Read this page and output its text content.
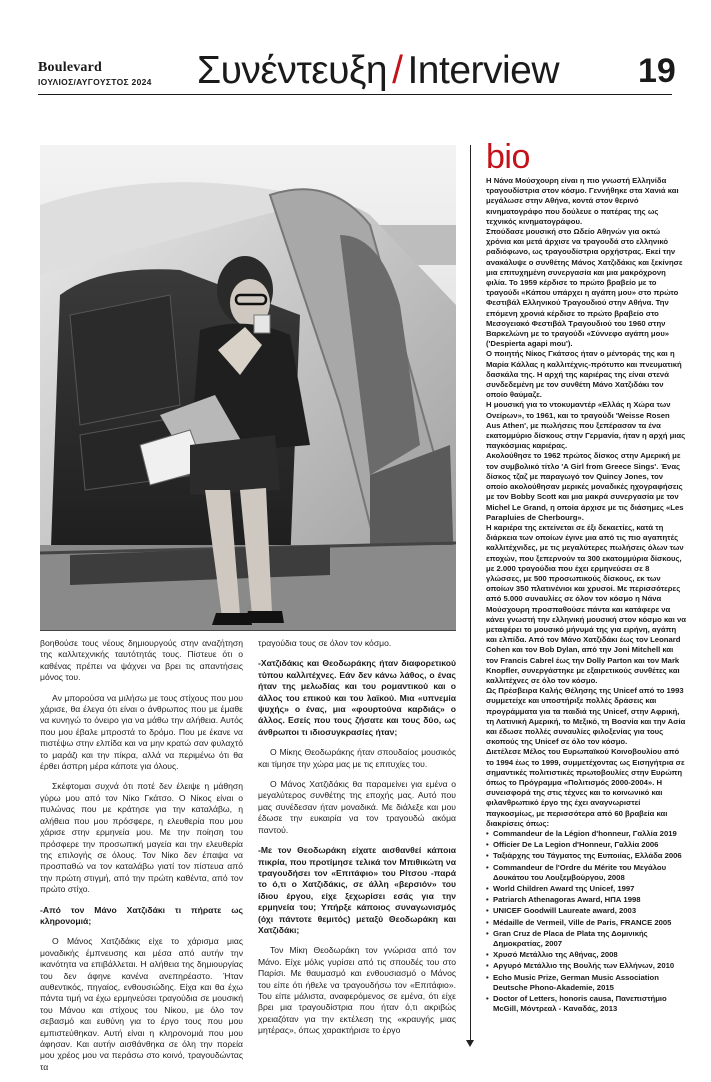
Boulevard
ΙΟΥΛΙΟΣ/ΑΥΓΟΥΣΤΟΣ 2024 Συνέντευξη / Interview 19

βοηθούσε τους νέους δημιουργούς στην αναζήτηση της καλλιτεχνικής ταυτότητάς τους. Πίστευε ότι ο καθένας πρέπει να ψάχνει να βρει τις απαντήσεις μόνος του.

Αν μπορούσα να μιλήσω με τους στίχους που μου χάρισε, θα έλεγα ότι είναι ο άνθρωπος που με έμαθε να κυνηγώ το όνειρο για να μάθω την αλήθεια. Αυτός που μου έβαλε μπροστά το δρόμο. Που με έκανε να πιστέψω στην ελπίδα και να μην κρατώ σαν φυλαχτό το μαράζι και την πίκρα, αλλά να περιμένω ότι θα έρθει άσπρη μέρα κάποτε για όλους.

Σκέφτομαι συχνά ότι ποτέ δεν έλειψε η μάθηση γύρω μου από τον Νίκο Γκάτσο. Ο Νίκος είναι ο πυλώνας που με κράτησε για την καταλάβω, η αλήθεια που μου πρόσφερε, η ελευθερία που μου χάρισε στην ερμηνεία μου. Με την ποίηση του πρόσφερε την προσωπική μαγεία και την ελευθερία της επιλογής σε όλους. Τον Νίκο δεν έπαψα να προσπαθώ να τον καταλάβω γιατί τον πίστευα από την πρώτη στιγμή, από την πρώτη καθέντα, από τον πρώτο στίχο.

-Από τον Μάνο Χατζιδάκι τι πήρατε ως κληρονομιά;

Ο Μάνος Χατζιδάκις είχε το χάρισμα μιας μοναδικής έμπνευσης και μέσα από αυτήν την ικανότητα να επιβάλλεται. Η αλήθεια της δημιουργίας του δεν άφηνε κανένα ανεπηρέαστο. Ήταν αυθεντικός, πηγαίος, ενθουσιώδης. Είχα και θα έχω πάντα τιμή να έχω ερμηνεύσει τραγούδια σε μουσική του Μάνου και στίχους του Νίκου, με όλο τον σεβασμό και ευθύνη για το έργο τους που μου εμπιστεύθηκαν. Αυτή είναι η κληρονομιά που μου άφησαν. Και αυτήν αισθάνθηκα σε όλη την πορεία μου χρέος μου να περάσω στο κοινό, τραγουδώντας τα

τραγούδια τους σε όλον τον κόσμο.

-Χατζιδάκις και Θεοδωράκης ήταν διαφορετικού τύπου καλλιτέχνες. Εάν δεν κάνω λάθος, ο ένας ήταν της μελωδίας και του ρομαντικού και ο άλλος του επικού και του λαϊκού. Μια «υπνεμία ψυχής» ο ένας, μια «φουρτούνα καρδιάς» ο άλλος. Εσείς που τους ζήσατε και τους δύο, ως άνθρωποι τι ιδιοσυγκρασίες ήταν;

Ο Μίκης Θεοδωράκης ήταν σπουδαίος μουσικός και τίμησε την χώρα μας με τις επιτυχίες του.

Ο Μάνος Χατζιδάκις θα παραμείνει για εμένα ο μεγαλύτερος συνθέτης της εποχής μας. Αυτό που μας συνέδεσαν ήταν μοναδικά. Με διάλεξε και μου έδωσε την ευκαιρία να τον τραγουδώ ακόμα παντού.

-Με τον Θεοδωράκη είχατε αισθανθεί κάποια πικρία, που προτίμησε τελικά τον Μπιθικώτη να τραγουδήσει τον «Επιτάφιο» του Ρίτσου -παρά το ό,τι ο Χατζιδάκις, σε άλλη «βερσιόν» του ίδιου έργου, είχε ξεχωρίσει εσάς για την ερμηνεία του; Υπήρξε κάποιος συναγωνισμός (όχι πάντοτε θεμιτός) μεταξύ Θεοδωράκη και Χατζιδάκι;

Τον Μίκη Θεοδωράκη τον γνώρισα από τον Μάνο. Είχε μόλις γυρίσει από τις σπουδές του στο Παρίσι. Με θαυμασμό και ενθουσιασμό ο Μάνος του είπε ότι ήθελε να τραγουδήσω τον «Επιτάφιο». Του είπε μάλιστα, αναφερόμενος σε εμένα, ότι είχε βρει μια τραγουδίστρια που ήταν ό,τι ακριβώς χρειαζόταν για την εκτέλεση της «κραυγής μιας μητέρας», όπως χαρακτήρισε το έργο

bio

Η Νάνα Μούσχουρη είναι η πιο γνωστή Ελληνίδα τραγουδίστρια στον κόσμο. Γεννήθηκε στα Χανιά και μεγάλωσε στην Αθήνα, κοντά στον θερινό κινηματογράφο που δούλευε ο πατέρας της ως τεχνικός κινηματογράφου.

Σπούδασε μουσική στο Ωδείο Αθηνών για οκτώ χρόνια και μετά άρχισε να τραγουδά στο ελληνικό ραδιόφωνο, ως τραγουδίστρια ορχήστρας. Εκεί την ανακάλυψε ο συνθέτης Μάνος Χατζιδάκις και ξεκίνησε μια επιτυχημένη συνεργασία και μια μακρόχρονη φιλία. Το 1959 κέρδισε το πρώτο βραβείο με το τραγούδι «Κάπου υπάρχει η αγάπη μου» στο πρώτο Φεστιβάλ Ελληνικού Τραγουδιού στην Αθήνα. Την επόμενη χρονιά κέρδισε το πρώτο βραβείο στο Μεσογειακό Φεστιβάλ Τραγουδιού του 1960 στην Βαρκελώνη με το τραγούδι «Σύννεφο αγάπη μου» ('Despierta agapi mou').

Ο ποιητής Νίκος Γκάτσος ήταν ο μέντοράς της και η Μαρία Κάλλας η καλλιτέχνις-πρότυπο και πνευματική δασκάλα της. Η αρχή της καριέρας της είναι στενά συνδεδεμένη με τον συνθέτη Μάνο Χατζιδάκι τον οποίο θαύμαζε.

Η μουσική για το ντοκυμαντέρ «Ελλάς η Χώρα των Ονείρων», το 1961, και το τραγούδι 'Weisse Rosen Aus Athen', με πωλήσεις που ξεπέρασαν τα ένα εκατομμύριο δίσκους στην Γερμανία, ήταν η αρχή μιας παγκόσμιας καριέρας.

Ακολούθησε το 1962 πρώτος δίσκος στην Αμερική με τον συμβολικό τίτλο 'A Girl from Greece Sings'. Ένας δίσκος τζαζ με παραγωγό τον Quincy Jones, τον οποίο ακολούθησαν μερικές μοναδικές ηχογραφήσεις με τον Bobby Scott και μια μακρά συνεργασία με τον Michel Le Grand, η οποία άρχισε με τις διάσημες «Les Parapluies de Cherbourg».

Η καριέρα της εκτείνεται σε έξι δεκαετίες, κατά τη διάρκεια των οποίων έγινε μια από τις πιο αγαπητές καλλιτέχνιδες, με τις μεγαλύτερες πωλήσεις όλων των εποχών, που ξεπερνούν τα 300 εκατομμύρια δίσκους, με 2.000 τραγούδια που έχει ερμηνεύσει σε 8 γλώσσες, με 500 προσωπικούς δίσκους, εκ των οποίων 350 πλατινένιοι και χρυσοί. Με περισσότερες από 5.000 συναυλίες σε όλον τον κόσμο η Νάνα Μούσχουρη προσπαθούσε πάντα και κατάφερε να κάνει γνωστή την ελληνική μουσική στον κόσμο και να μεταφέρει το μουσικό μήνυμά της για ειρήνη, αγάπη και ελπίδα. Από τον Μάνο Χατζιδάκι έως τον Leonard Cohen και τον Bob Dylan, από την Joni Mitchell και τον Francis Cabrel έως την Dolly Parton και τον Mark Knopfler, συνεργάστηκε με εξαιρετικούς συνθέτες και καλλιτέχνες σε όλο τον κόσμο.

Ως Πρέσβειρα Καλής Θέλησης της Unicef από το 1993 συμμετείχε και υποστήριξε πολλές δράσεις και προγράμματα για τα παιδιά της Unicef, στην Αφρική, τη Λατινική Αμερική, το Μεξικό, τη Βοσνία και την Ασία και έδωσε πολλές συναυλίες φιλοξενίας για τους σκοπούς της Unicef σε όλο τον κόσμο.

Διετέλεσε Μέλος του Ευρωπαϊκού Κοινοβουλίου από το 1994 έως το 1999, συμμετέχοντας ως Εισηγήτρια σε σημαντικές πολιτιστικές πρωτοβουλίες στην Ευρώπη όπως το Πρόγραμμα «Πολιτισμός 2000-2004». Η συνεισφορά της στις τέχνες και το κοινωνικό και φιλανθρωπικό έργο της έχει αναγνωριστεί παγκοσμίως, με περισσότερα από 60 βραβεία και διακρίσεις όπως:

• Commandeur de la Légion d'honneur, Γαλλία 2019
• Officier De La Legion d'Honneur, Γαλλία 2006
• Ταξιάρχης του Τάγματος της Ευποιίας, Ελλάδα 2006
• Commandeur de l'Ordre du Mérite του Μεγάλου Δουκάτου του Λουξεμβούργου, 2008
• World Children Award της Unicef, 1997
• Patriarch Athenagoras Award, ΗΠΑ 1998
• UNICEF Goodwill Laureate award, 2003
• Médaille de Vermeil, Ville de Paris, FRANCE 2005
• Gran Cruz de Placa de Plata της Δομινικής Δημοκρατίας, 2007
• Χρυσό Μετάλλιο της Αθήνας, 2008
• Αργυρό Μετάλλιο της Βουλής των Ελλήνων, 2010
• Echo Music Prize, German Music Association Deutsche Phono-Akademie, 2015
• Doctor of Letters, honoris causa, Πανεπιστήμιο McGill, Μόντρεαλ - Καναδάς, 2013
